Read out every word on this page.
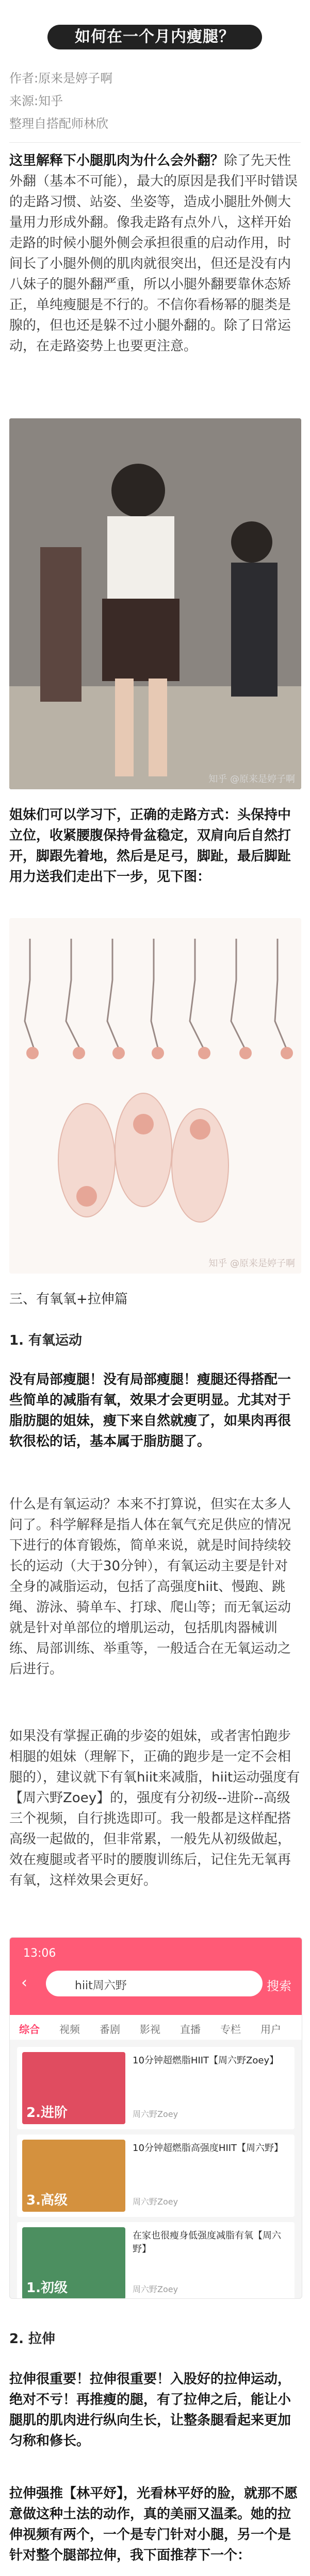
如何在一个月内瘦腿？
作者:原来是婷子啊
来源:知乎
整理自搭配师林欣
这里解释下小腿肌肉为什么会外翻？除了先天性外翻（基本不可能），最大的原因是我们平时错误的走路习惯、站姿、坐姿等，造成小腿肚外侧大量用力形成外翻。像我走路有点外八，这样开始走路的时候小腿外侧会承担很重的启动作用，时间长了小腿外侧的肌肉就很突出，但还是没有内八妹子的腿外翻严重，所以小腿外翻要靠休态矫正，单纯瘦腿是不行的。不信你看杨幂的腿类是腺的，但也还是躲不过小腿外翻的。除了日常运动，在走路姿势上也要更注意。
知乎 @原来是婷子啊
姐妹们可以学习下，正确的走路方式：头保持中立位，收紧腰腹保持骨盆稳定，双肩向后自然打开，脚跟先着地，然后是足弓，脚趾，最后脚趾用力送我们走出下一步，见下图：
知乎 @原来是婷子啊
三、有氧氧+拉伸篇
1. 有氧运动
没有局部瘦腿！没有局部瘦腿！瘦腿还得搭配一些简单的减脂有氧，效果才会更明显。尤其对于脂肪腿的姐妹，瘦下来自然就瘦了，如果肉再很软很松的话，基本属于脂肪腿了。
什么是有氧运动？本来不打算说，但实在太多人问了。科学解释是指人体在氧气充足供应的情况下进行的体育锻炼，简单来说，就是时间持续较长的运动（大于30分钟），有氧运动主要是针对全身的减脂运动，包括了高强度hiit、慢跑、跳绳、游泳、骑单车、打球、爬山等；而无氧运动就是针对单部位的增肌运动，包括肌肉器械训练、局部训练、举重等，一般适合在无氧运动之后进行。
如果没有掌握正确的步姿的姐妹，或者害怕跑步相腿的姐妹（理解下，正确的跑步是一定不会相腿的），建议就下有氧hiit来减脂，hiit运动强度有【周六野Zoey】的，强度有分初级--进阶--高级三个视频，自行挑选即可。我一般都是这样配搭高级一起做的，但非常累，一般先从初级做起，效在瘦腿或者平时的腰腹训练后，记住先无氧再有氧，这样效果会更好。
13:06
‹	hiit周六野	搜索
综合 视频 番剧 影视 直播 专栏 用户
2.进阶
10分钟超燃脂HIIT【周六野Zoey】
周六野Zoey
3.高级
10分钟超燃脂高强度HIIT【周六野】
周六野Zoey
1.初级
在家也很瘦身低强度减脂有氧【周六野】
周六野Zoey
2. 拉伸
拉伸很重要！拉伸很重要！入股好的拉伸运动，绝对不亏！再推瘦的腿，有了拉伸之后，能让小腿肌的肌肉进行纵向生长，让整条腿看起来更加匀称和修长。
拉伸强推【林平妤】，光看林平妤的脸，就那不愿意做这种土法的动作，真的美丽又温柔。她的拉伸视频有两个，一个是专门针对小腿，另一个是针对整个腿部拉伸，我下面推荐下一个：
